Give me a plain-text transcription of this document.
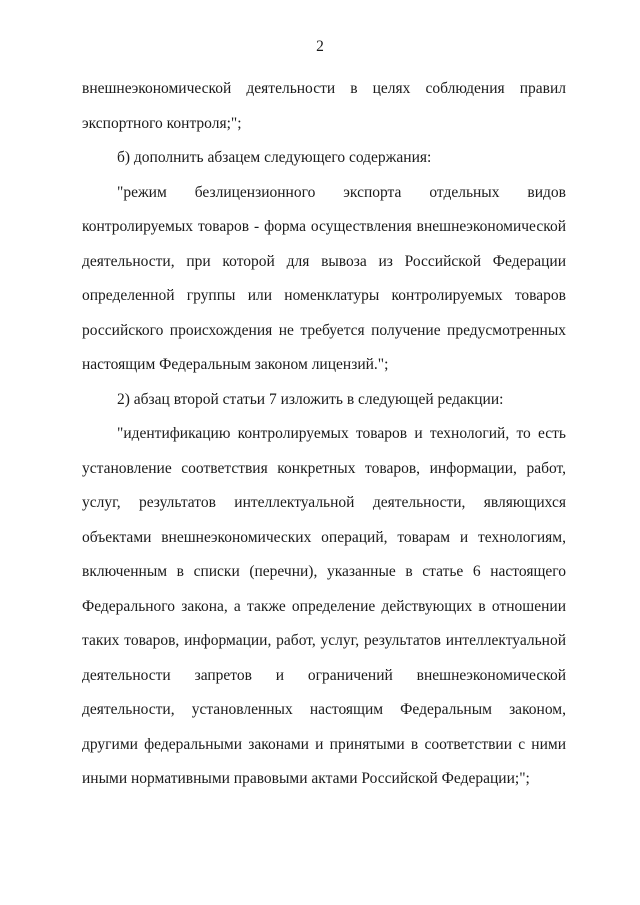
2

внешнеэкономической деятельности в целях соблюдения правил экспортного контроля;";

б) дополнить абзацем следующего содержания:

"режим безлицензионного экспорта отдельных видов контролируемых товаров - форма осуществления внешнеэкономической деятельности, при которой для вывоза из Российской Федерации определенной группы или номенклатуры контролируемых товаров российского происхождения не требуется получение предусмотренных настоящим Федеральным законом лицензий.";

2) абзац второй статьи 7 изложить в следующей редакции:

"идентификацию контролируемых товаров и технологий, то есть установление соответствия конкретных товаров, информации, работ, услуг, результатов интеллектуальной деятельности, являющихся объектами внешнеэкономических операций, товарам и технологиям, включенным в списки (перечни), указанные в статье 6 настоящего Федерального закона, а также определение действующих в отношении таких товаров, информации, работ, услуг, результатов интеллектуальной деятельности запретов и ограничений внешнеэкономической деятельности, установленных настоящим Федеральным законом, другими федеральными законами и принятыми в соответствии с ними иными нормативными правовыми актами Российской Федерации;";
